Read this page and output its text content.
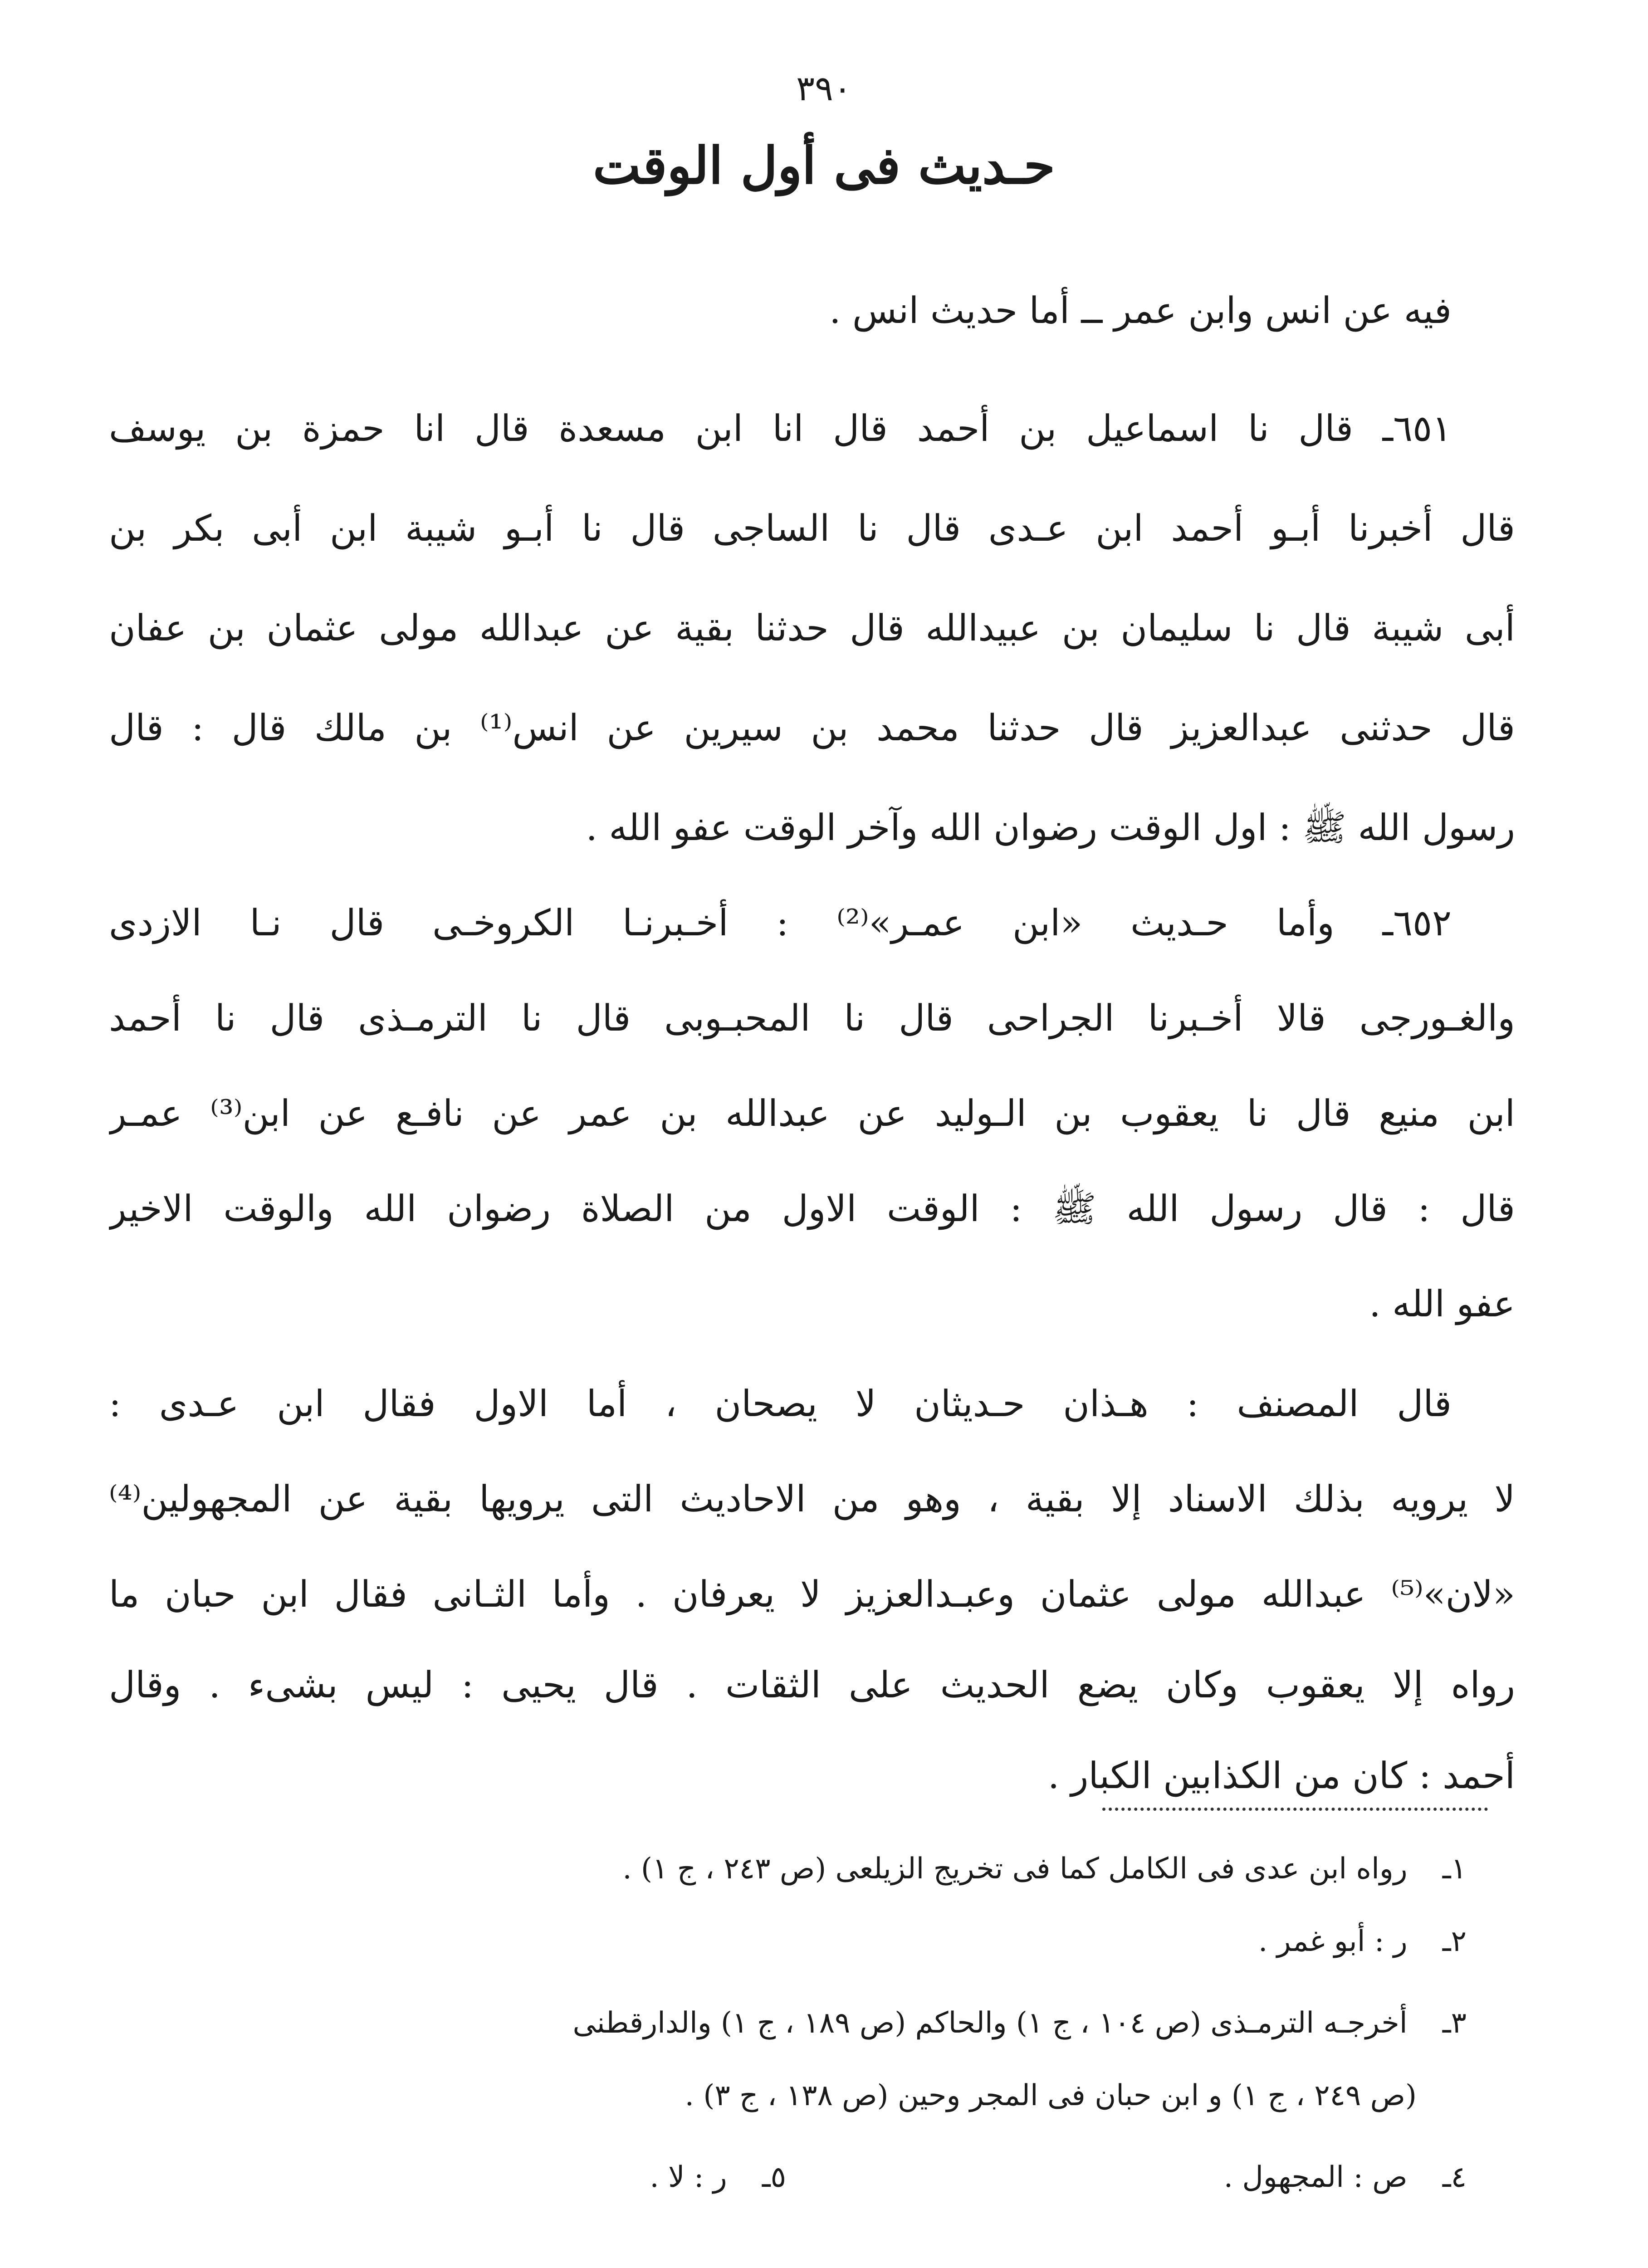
٣٩٠
حـديث فى أول الوقت
فيه عن انس وابن عمر ــ أما حديث انس .
٦٥١ـ قال نا اسماعيل بن أحمد قال انا ابن مسعدة قال انا حمزة بن يوسف
قال أخبرنا أبـو أحمد ابن عـدى قال نا الساجى قال نا أبـو شيبة ابن أبى بكر بن
أبى شيبة قال نا سليمان بن عبيدالله قال حدثنا بقية عن عبدالله مولى عثمان بن عفان
قال حدثنى عبدالعزيز قال حدثنا محمد بن سيرين عن انس⁽¹⁾ بن مالك قال : قال
رسول الله ﷺ : اول الوقت رضوان الله وآخر الوقت عفو الله .
٦٥٢ـ وأما حـديث «ابن عمـر»⁽²⁾ : أخـبرنـا الكروخـى قال نـا الازدى
والغـورجى قالا أخـبرنا الجراحى قال نا المحبـوبى قال نا الترمـذى قال نا أحمد
ابن منيع قال نا يعقوب بن الـوليد عن عبدالله بن عمر عن نافـع عن ابن⁽³⁾ عمـر
قال : قال رسول الله ﷺ : الوقت الاول من الصلاة رضوان الله والوقت الاخير
عفو الله .
قال المصنف : هـذان حـديثان لا يصحان ، أما الاول فقال ابن عـدى :
لا يرويه بذلك الاسناد إلا بقية ، وهو من الاحاديث التى يرويها بقية عن المجهولين⁽⁴⁾
«لان»⁽⁵⁾ عبدالله مولى عثمان وعبـدالعزيز لا يعرفان . وأما الثـانى فقال ابن حبان ما
رواه إلا يعقوب وكان يضع الحديث على الثقات . قال يحيى : ليس بشىء . وقال
أحمد : كان من الكذابين الكبار .
١ـ رواه ابن عدى فى الكامل كما فى تخريج الزيلعى (ص ٢٤٣ ، ج ١) .
٢ـ ر : أبو غمر .
٣ـ أخرجـه الترمـذى (ص ١٠٤ ، ج ١) والحاكم (ص ١٨٩ ، ج ١) والدارقطنى
(ص ٢٤٩ ، ج ١) و ابن حبان فى المجر وحين (ص ١٣٨ ، ج ٣) .
٤ـ ص : المجهول .
٥ـ ر : لا .
